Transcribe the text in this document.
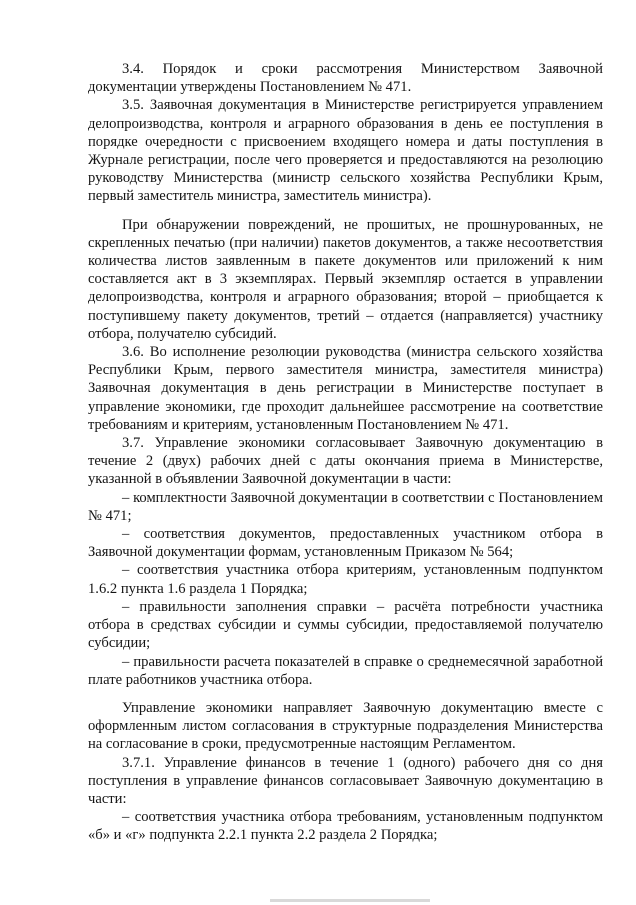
3.4. Порядок и сроки рассмотрения Министерством Заявочной документации утверждены Постановлением № 471.

3.5. Заявочная документация в Министерстве регистрируется управлением делопроизводства, контроля и аграрного образования в день ее поступления в порядке очередности с присвоением входящего номера и даты поступления в Журнале регистрации, после чего проверяется и предоставляются на резолюцию руководству Министерства (министр сельского хозяйства Республики Крым, первый заместитель министра, заместитель министра).

При обнаружении повреждений, не прошитых, не прошнурованных, не скрепленных печатью (при наличии) пакетов документов, а также несоответствия количества листов заявленным в пакете документов или приложений к ним составляется акт в 3 экземплярах. Первый экземпляр остается в управлении делопроизводства, контроля и аграрного образования; второй – приобщается к поступившему пакету документов, третий – отдается (направляется) участнику отбора, получателю субсидий.

3.6. Во исполнение резолюции руководства (министра сельского хозяйства Республики Крым, первого заместителя министра, заместителя министра) Заявочная документация в день регистрации в Министерстве поступает в управление экономики, где проходит дальнейшее рассмотрение на соответствие требованиям и критериям, установленным Постановлением № 471.

3.7. Управление экономики согласовывает Заявочную документацию в течение 2 (двух) рабочих дней с даты окончания приема в Министерстве, указанной в объявлении Заявочной документации в части:

– комплектности Заявочной документации в соответствии с Постановлением № 471;

– соответствия документов, предоставленных участником отбора в Заявочной документации формам, установленным Приказом № 564;

– соответствия участника отбора критериям, установленным подпунктом 1.6.2 пункта 1.6 раздела 1 Порядка;

– правильности заполнения справки – расчёта потребности участника отбора в средствах субсидии и суммы субсидии, предоставляемой получателю субсидии;

– правильности расчета показателей в справке о среднемесячной заработной плате работников участника отбора.

Управление экономики направляет Заявочную документацию вместе с оформленным листом согласования в структурные подразделения Министерства на согласование в сроки, предусмотренные настоящим Регламентом.

3.7.1. Управление финансов в течение 1 (одного) рабочего дня со дня поступления в управление финансов согласовывает Заявочную документацию в части:

– соответствия участника отбора требованиям, установленным подпунктом «б» и «г» подпункта 2.2.1 пункта 2.2 раздела 2 Порядка;
